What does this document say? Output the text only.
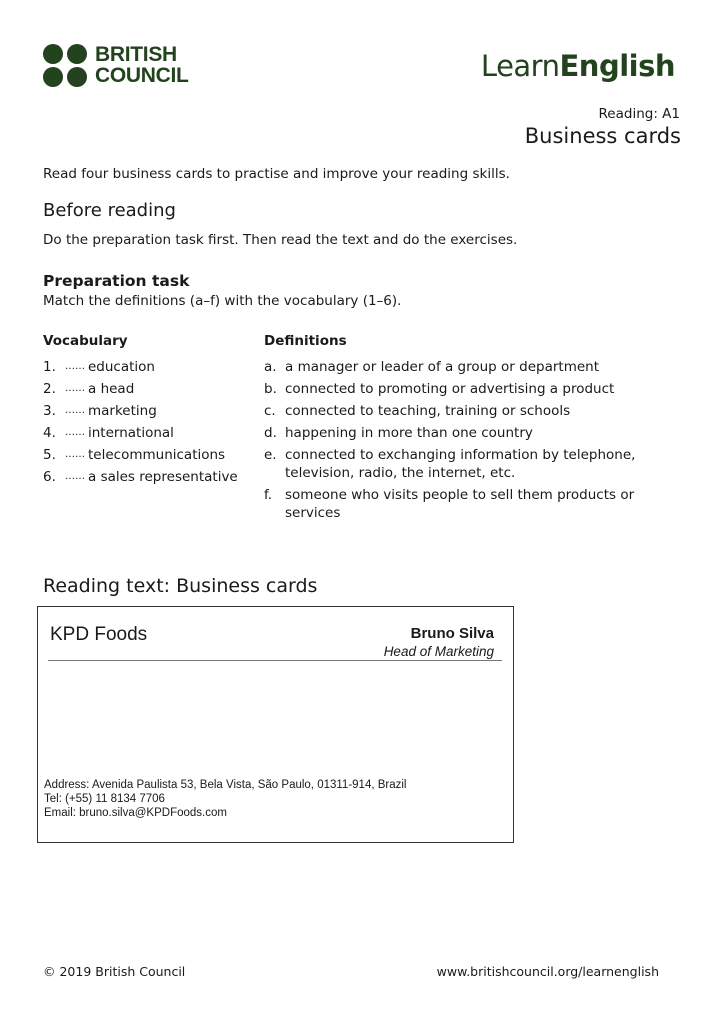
BRITISH
COUNCIL	LearnEnglish
Reading: A1
Business cards
Read four business cards to practise and improve your reading skills.
Before reading
Do the preparation task first. Then read the text and do the exercises.
Preparation task
Match the definitions (a–f) with the vocabulary (1–6).
Vocabulary	Definitions
1. …… education
2. …… a head
3. …… marketing
4. …… international
5. …… telecommunications
6. …… a sales representative
a. a manager or leader of a group or department
b. connected to promoting or advertising a product
c. connected to teaching, training or schools
d. happening in more than one country
e. connected to exchanging information by telephone, television, radio, the internet, etc.
f. someone who visits people to sell them products or services
Reading text: Business cards
KPD Foods	Bruno Silva
Head of Marketing
Address: Avenida Paulista 53, Bela Vista, São Paulo, 01311-914, Brazil
Tel: (+55) 11 8134 7706
Email: bruno.silva@KPDFoods.com
© 2019 British Council	www.britishcouncil.org/learnenglish
